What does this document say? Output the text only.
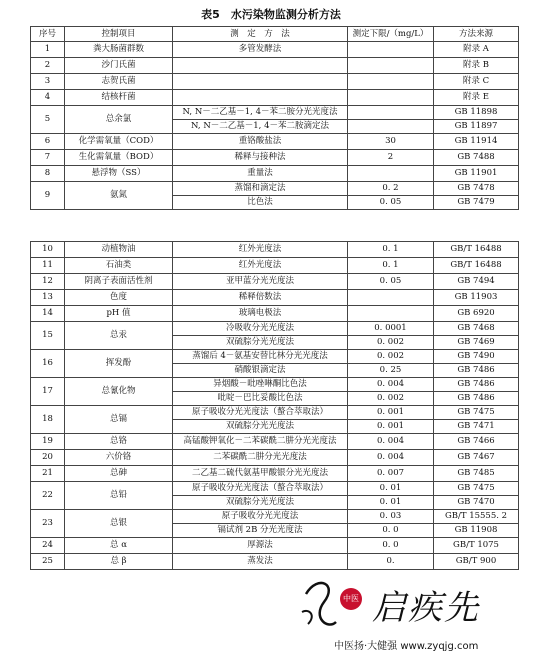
表5　水污染物监测分析方法
序号	控制项目	测　定　方　法	测定下限/（mg/L）	方法来源
1	粪大肠菌群数	多管发酵法		附录 A
2	沙门氏菌			附录 B
3	志贺氏菌			附录 C
4	结核杆菌			附录 E
5	总余氯	N, N－二乙基－1, 4－苯二胺分光光度法		GB 11898
		N, N－二乙基－1, 4－苯二胺滴定法		GB 11897
6	化学需氧量（COD）	重铬酸盐法	30	GB 11914
7	生化需氧量（BOD）	稀释与接种法	2	GB 7488
8	悬浮物（SS）	重量法		GB 11901
9	氨氮	蒸馏和滴定法	0. 2	GB 7478
		比色法	0. 05	GB 7479
10	动植物油	红外光度法	0. 1	GB/T 16488
11	石油类	红外光度法	0. 1	GB/T 16488
12	阴离子表面活性剂	亚甲蓝分光光度法	0. 05	GB 7494
13	色度	稀释倍数法		GB 11903
14	pH 值	玻璃电极法		GB 6920
15	总汞	冷吸收分光光度法	0. 0001	GB 7468
		双硫腙分光光度法	0. 002	GB 7469
16	挥发酚	蒸馏后 4－氨基安替比林分光光度法	0. 002	GB 7490
		硝酸银滴定法	0. 25	GB 7486
17	总氰化物	异烟酸－吡唑啉酮比色法	0. 004	GB 7486
		吡啶－巴比妥酸比色法	0. 002	GB 7486
18	总镉	原子吸收分光光度法（螯合萃取法）	0. 001	GB 7475
		双硫腙分光光度法	0. 001	GB 7471
19	总铬	高锰酸钾氧化－二苯碳酰二肼分光光度法	0. 004	GB 7466
20	六价铬	二苯碳酰二肼分光光度法	0. 004	GB 7467
21	总砷	二乙基二硫代氨基甲酸银分光光度法	0. 007	GB 7485
22	总铅	原子吸收分光光度法（螯合萃取法）	0. 01	GB 7475
		双硫腙分光光度法	0. 01	GB 7470
23	总银	原子吸收分光光度法	0. 03	GB/T 15555. 2
		镉试剂 2B 分光光度法	0. 0	GB 11908
24	总 α	厚源法	0. 0	GB/T 1075
25	总 β	蒸发法	0.	GB/T 900
中医 启疾先
中医扬·大健强 www.zyqjg.com
